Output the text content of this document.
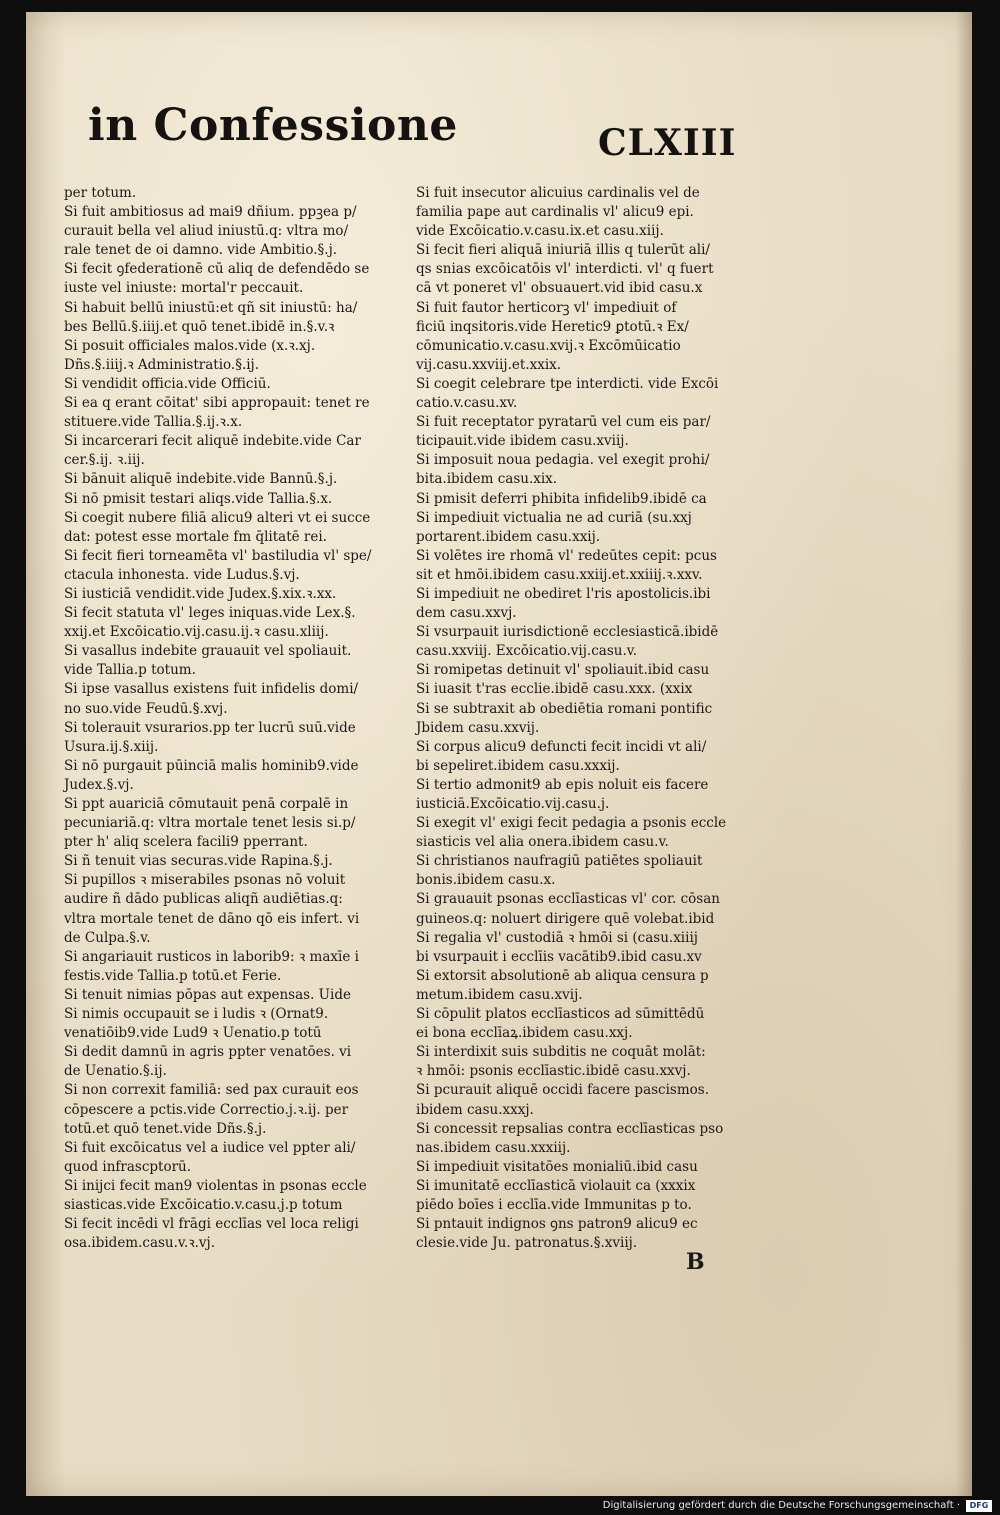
in Confessione	CLXIII
per totum.
Si fuit ambitiosus ad mai9 dñium. ppꝫea p/
curauit bella vel aliud iniustū.q: vltra mo/
rale tenet de oi damno. vide Ambitio.§.j.
Si fecit ꝯfederationē cū aliq de defendēdo se
iuste vel iniuste: mortal'r peccauit.
Si habuit bellū iniustū:et qñ sit iniustū: ha/
bes Bellū.§.iiij.et quō tenet.ibidē in.§.v.ꝛ
Si posuit officiales malos.vide (x.ꝛ.xj.
Dñs.§.iiij.ꝛ Administratio.§.ij.
Si vendidit officia.vide Officiū.
Si ea q erant cōitat' sibi appropauit: tenet re
stituere.vide Tallia.§.ij.ꝛ.x.
Si incarcerari fecit aliquē indebite.vide Car
cer.§.ij. ꝛ.iij.
Si bānuit aliquē indebite.vide Bannū.§.j.
Si nō pmisit testari aliqs.vide Tallia.§.x.
Si coegit nubere filiā alicu9 alteri vt ei succe
dat: potest esse mortale fm q̄litatē rei.
Si fecit fieri torneamēta vl' bastiludia vl' spe/
ctacula inhonesta. vide Ludus.§.vj.
Si iusticiā vendidit.vide Judex.§.xix.ꝛ.xx.
Si fecit statuta vl' leges iniquas.vide Lex.§.
xxij.et Excōicatio.vij.casu.ij.ꝛ casu.xliij.
Si vasallus indebite grauauit vel spoliauit.
vide Tallia.p totum.
Si ipse vasallus existens fuit infidelis domi/
no suo.vide Feudū.§.xvj.
Si tolerauit vsurarios.pp ter lucrū suū.vide
Usura.ij.§.xiij.
Si nō purgauit pūinciā malis hominib9.vide
Judex.§.vj.
Si ppt auariciā cōmutauit penā corpalē in
pecuniariā.q: vltra mortale tenet lesis si.p/
pter h' aliq scelera facili9 pperrant.
Si ñ tenuit vias securas.vide Rapina.§.j.
Si pupillos ꝛ miserabiles psonas nō voluit
audire ñ dādo publicas aliqñ audiētias.q:
vltra mortale tenet de dāno qō eis infert. vi
de Culpa.§.v.
Si angariauit rusticos in laborib9: ꝛ maxīe i
festis.vide Tallia.p totū.et Ferie.
Si tenuit nimias pōpas aut expensas. Uide
Si nimis occupauit se i ludis ꝛ (Ornat9.
venatiōib9.vide Lud9 ꝛ Uenatio.p totū
Si dedit damnū in agris ppter venatōes. vi
de Uenatio.§.ij.
Si non correxit familiā: sed pax curauit eos
cōpescere a pctis.vide Correctio.j.ꝛ.ij. per
totū.et quō tenet.vide Dñs.§.j.
Si fuit excōicatus vel a iudice vel ppter ali/
quod infrascptorū.
Si inijci fecit man9 violentas in psonas eccle
siasticas.vide Excōicatio.v.casu.j.p totum
Si fecit incēdi vl frāgi ecclīas vel loca religi
osa.ibidem.casu.v.ꝛ.vj.
Si fuit insecutor alicuius cardinalis vel de
familia pape aut cardinalis vl' alicu9 epi.
vide Excōicatio.v.casu.ix.et casu.xiij.
Si fecit fieri aliquā iniuriā illis q tulerūt ali/
qs snias excōicatōis vl' interdicti. vl' q fuert
cā vt poneret vl' obsuauert.vid ibid casu.x
Si fuit fautor herticorꝫ vl' impediuit of
ficiū inqsitoris.vide Heretic9 ꝑtotū.ꝛ Ex/
cōmunicatio.v.casu.xvij.ꝛ Excōmūicatio
vij.casu.xxviij.et.xxix.
Si coegit celebrare tpe interdicti. vide Excōi
catio.v.casu.xv.
Si fuit receptator pyratarū vel cum eis par/
ticipauit.vide ibidem casu.xviij.
Si imposuit noua pedagia. vel exegit prohi/
bita.ibidem casu.xix.
Si pmisit deferri phibita infidelib9.ibidē ca
Si impediuit victualia ne ad curiā (su.xxj
portarent.ibidem casu.xxij.
Si volētes ire rhomā vl' redeūtes cepit: pcus
sit et hmōi.ibidem casu.xxiij.et.xxiiij.ꝛ.xxv.
Si impediuit ne obediret l'ris apostolicis.ibi
dem casu.xxvj.
Si vsurpauit iurisdictionē ecclesiasticā.ibidē
casu.xxviij. Excōicatio.vij.casu.v.
Si romipetas detinuit vl' spoliauit.ibid casu
Si iuasit t'ras ecclie.ibidē casu.xxx. (xxix
Si se subtraxit ab obediētia romani pontific
Jbidem casu.xxvij.
Si corpus alicu9 defuncti fecit incidi vt ali/
bi sepeliret.ibidem casu.xxxij.
Si tertio admonit9 ab epis noluit eis facere
iusticiā.Excōicatio.vij.casu.j.
Si exegit vl' exigi fecit pedagia a psonis eccle
siasticis vel alia onera.ibidem casu.v.
Si christianos naufragiū patiētes spoliauit
bonis.ibidem casu.x.
Si grauauit psonas ecclīasticas vl' cor. cōsan
guineos.q: noluert dirigere quē volebat.ibid
Si regalia vl' custodiā ꝛ hmōi si (casu.xiiij
bi vsurpauit i ecclīis vacātib9.ibid casu.xv
Si extorsit absolutionē ab aliqua censura p
metum.ibidem casu.xvij.
Si cōpulit platos ecclīasticos ad sūmittēdū
ei bona ecclīaꝝ.ibidem casu.xxj.
Si interdixit suis subditis ne coquāt molāt:
ꝛ hmōi: psonis ecclīastic.ibidē casu.xxvj.
Si pcurauit aliquē occidi facere pascismos.
ibidem casu.xxxj.
Si concessit repsalias contra ecclīasticas pso
nas.ibidem casu.xxxiij.
Si impediuit visitatōes monialiū.ibid casu
Si imunitatē ecclīasticā violauit ca (xxxix
piēdo boīes i ecclīa.vide Immunitas p to.
Si pntauit indignos ꝯns patron9 alicu9 ec
clesie.vide Ju. patronatus.§.xviij.
B

Digitalisierung gefördert durch die Deutsche Forschungsgemeinschaft ·	DFG
